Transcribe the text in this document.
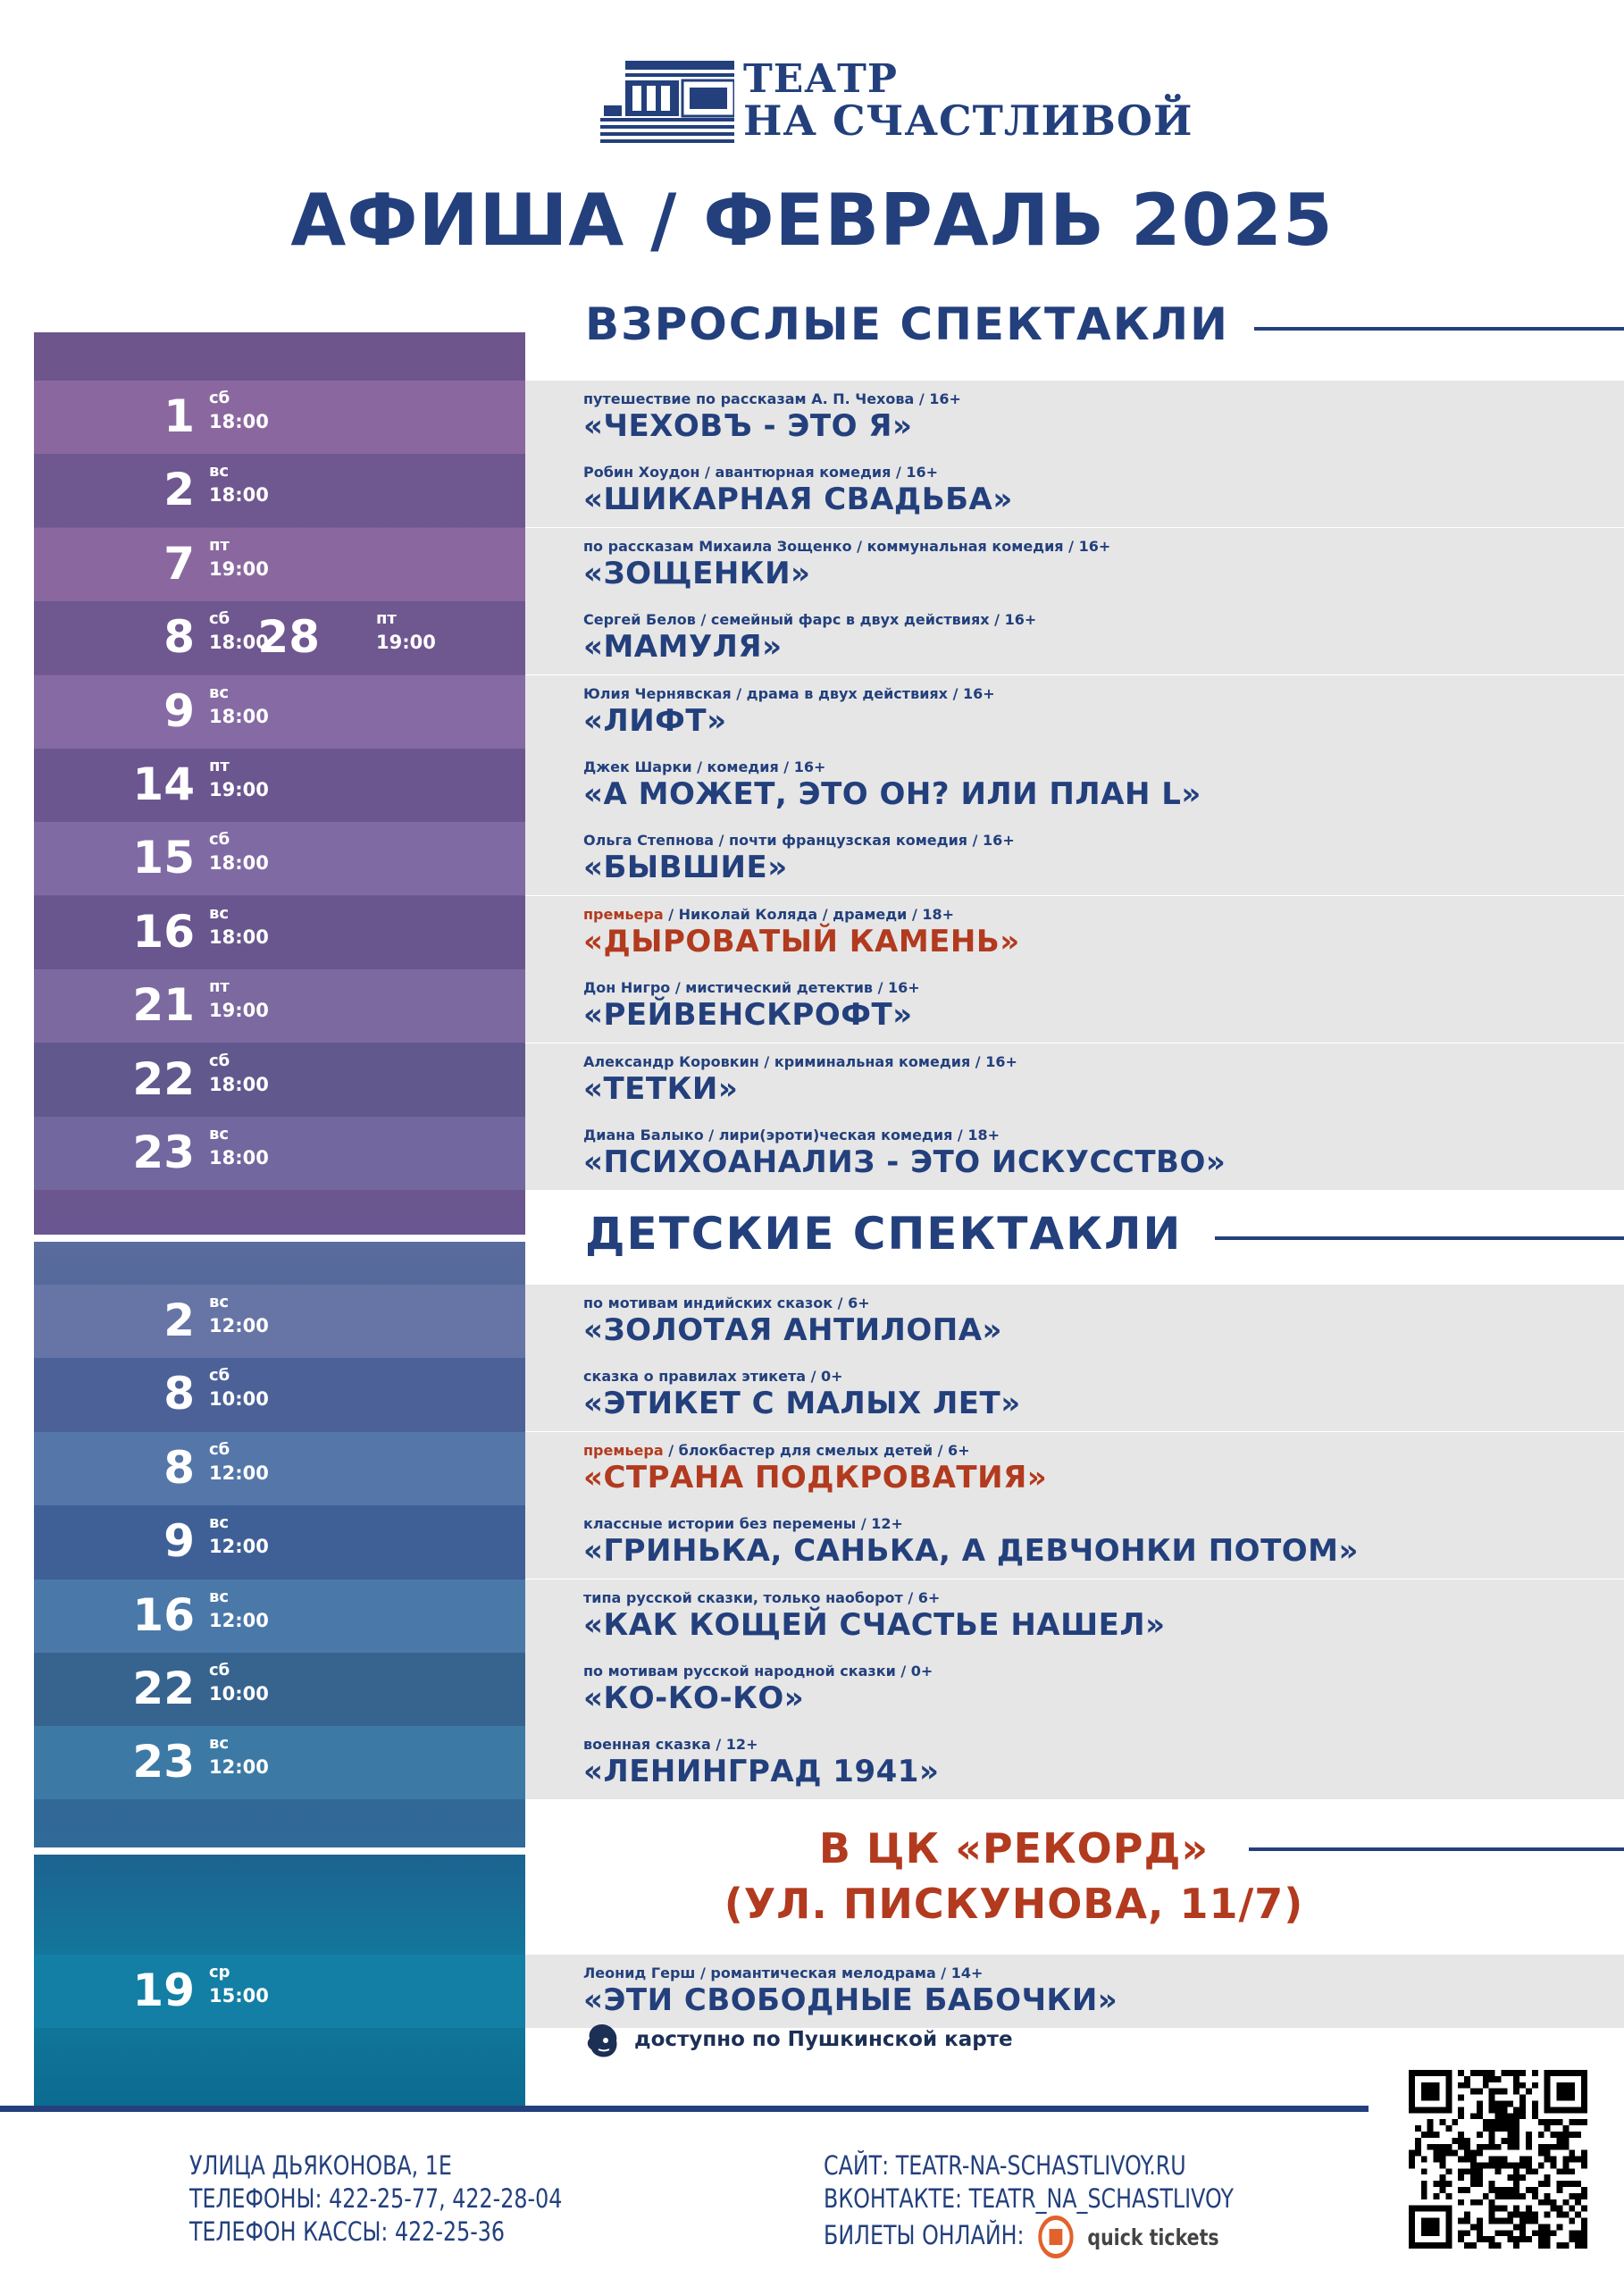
ТЕАТР
НА СЧАСТЛИВОЙ
АФИША / ФЕВРАЛЬ 2025
ВЗРОСЛЫЕ СПЕКТАКЛИ
ДЕТСКИЕ СПЕКТАКЛИ
В ЦК «РЕКОРД»
(УЛ. ПИСКУНОВА, 11/7)
1 сб
18:00
путешествие по рассказам А. П. Чехова / 16+
«ЧЕХОВЪ - ЭТО Я»
2 вс
18:00
Робин Хоудон / авантюрная комедия / 16+
«ШИКАРНАЯ СВАДЬБА»
7 пт
19:00
по рассказам Михаила Зощенко / коммунальная комедия / 16+
«ЗОЩЕНКИ»
8 сб
18:00
28	пт
19:00
Сергей Белов / семейный фарс в двух действиях / 16+
«МАМУЛЯ»
9 вс
18:00
Юлия Чернявская / драма в двух действиях / 16+
«ЛИФТ»
14 пт
19:00
Джек Шарки / комедия / 16+
«А МОЖЕТ, ЭТО ОН? ИЛИ ПЛАН L»
15 сб
18:00
Ольга Степнова / почти французская комедия / 16+
«БЫВШИЕ»
16 вс
18:00
премьера / Николай Коляда / драмеди / 18+
«ДЫРОВАТЫЙ КАМЕНЬ»
21 пт
19:00
Дон Нигро / мистический детектив / 16+
«РЕЙВЕНСКРОФТ»
22 сб
18:00
Александр Коровкин / криминальная комедия / 16+
«ТЕТКИ»
23 вс
18:00
Диана Балыко / лири(эроти)ческая комедия / 18+
«ПСИХОАНАЛИЗ - ЭТО ИСКУССТВО»
2 вс
12:00
по мотивам индийских сказок / 6+
«ЗОЛОТАЯ АНТИЛОПА»
8 сб
10:00
сказка о правилах этикета / 0+
«ЭТИКЕТ С МАЛЫХ ЛЕТ»
8 сб
12:00
премьера / блокбастер для смелых детей / 6+
«СТРАНА ПОДКРОВАТИЯ»
9 вс
12:00
классные истории без перемены / 12+
«ГРИНЬКА, САНЬКА, А ДЕВЧОНКИ ПОТОМ»
16 вс
12:00
типа русской сказки, только наоборот / 6+
«КАК КОЩЕЙ СЧАСТЬЕ НАШЕЛ»
22 сб
10:00
по мотивам русской народной сказки / 0+
«КО-КО-КО»
23 вс
12:00
военная сказка / 12+
«ЛЕНИНГРАД 1941»
19 ср
15:00
Леонид Герш / романтическая мелодрама / 14+
«ЭТИ СВОБОДНЫЕ БАБОЧКИ»
доступно по Пушкинской карте
УЛИЦА ДЬЯКОНОВА, 1Е
ТЕЛЕФОНЫ: 422-25-77, 422-28-04
ТЕЛЕФОН КАССЫ: 422-25-36
САЙТ: TEATR-NA-SCHASTLIVOY.RU
ВКОНТАКТЕ: TEATR_NA_SCHASTLIVOY
БИЛЕТЫ ОНЛАЙН:	quick tickets
